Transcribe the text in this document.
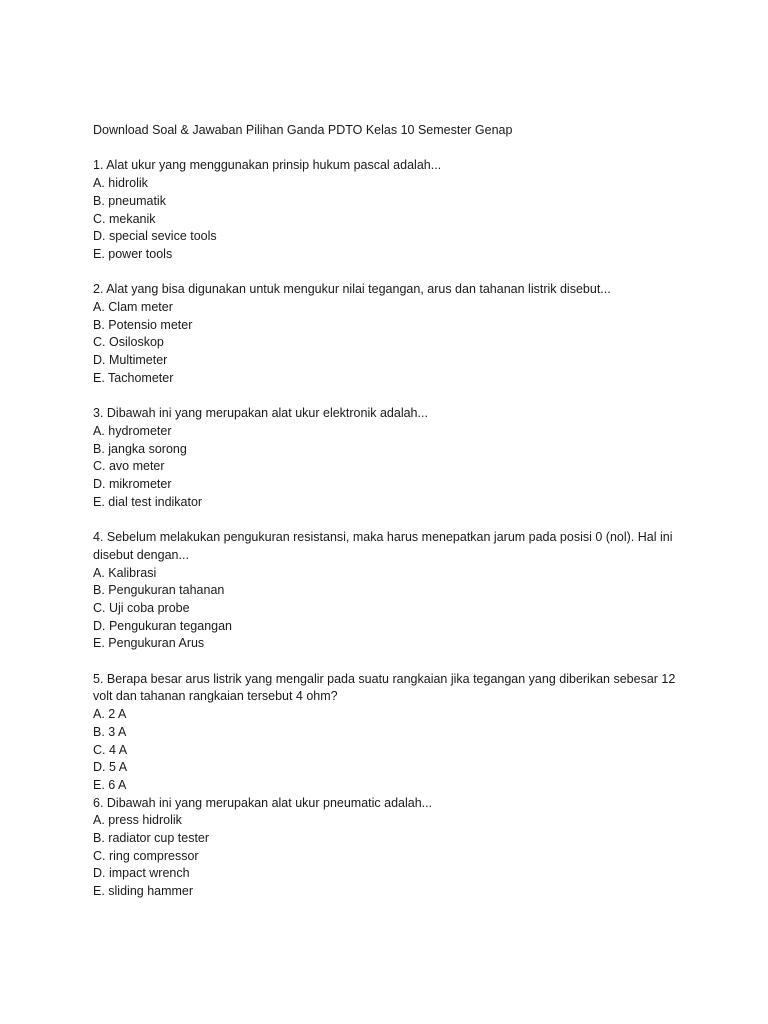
Download Soal & Jawaban Pilihan Ganda PDTO Kelas 10 Semester Genap
1. Alat ukur yang menggunakan prinsip hukum pascal adalah...
A. hidrolik
B. pneumatik
C. mekanik
D. special sevice tools
E. power tools
2. Alat yang bisa digunakan untuk mengukur nilai tegangan, arus dan tahanan listrik disebut...
A. Clam meter
B. Potensio meter
C. Osiloskop
D. Multimeter
E. Tachometer
3. Dibawah ini yang merupakan alat ukur elektronik adalah...
A. hydrometer
B. jangka sorong
C. avo meter
D. mikrometer
E. dial test indikator
4. Sebelum melakukan pengukuran resistansi, maka harus menepatkan jarum pada posisi 0 (nol). Hal ini disebut dengan...
A. Kalibrasi
B. Pengukuran tahanan
C. Uji coba probe
D. Pengukuran tegangan
E. Pengukuran Arus
5. Berapa besar arus listrik yang mengalir pada suatu rangkaian jika tegangan yang diberikan sebesar 12 volt dan tahanan rangkaian tersebut 4 ohm?
A. 2 A
B. 3 A
C. 4 A
D. 5 A
E. 6 A
6. Dibawah ini yang merupakan alat ukur pneumatic adalah...
A. press hidrolik
B. radiator cup tester
C. ring compressor
D. impact wrench
E. sliding hammer
